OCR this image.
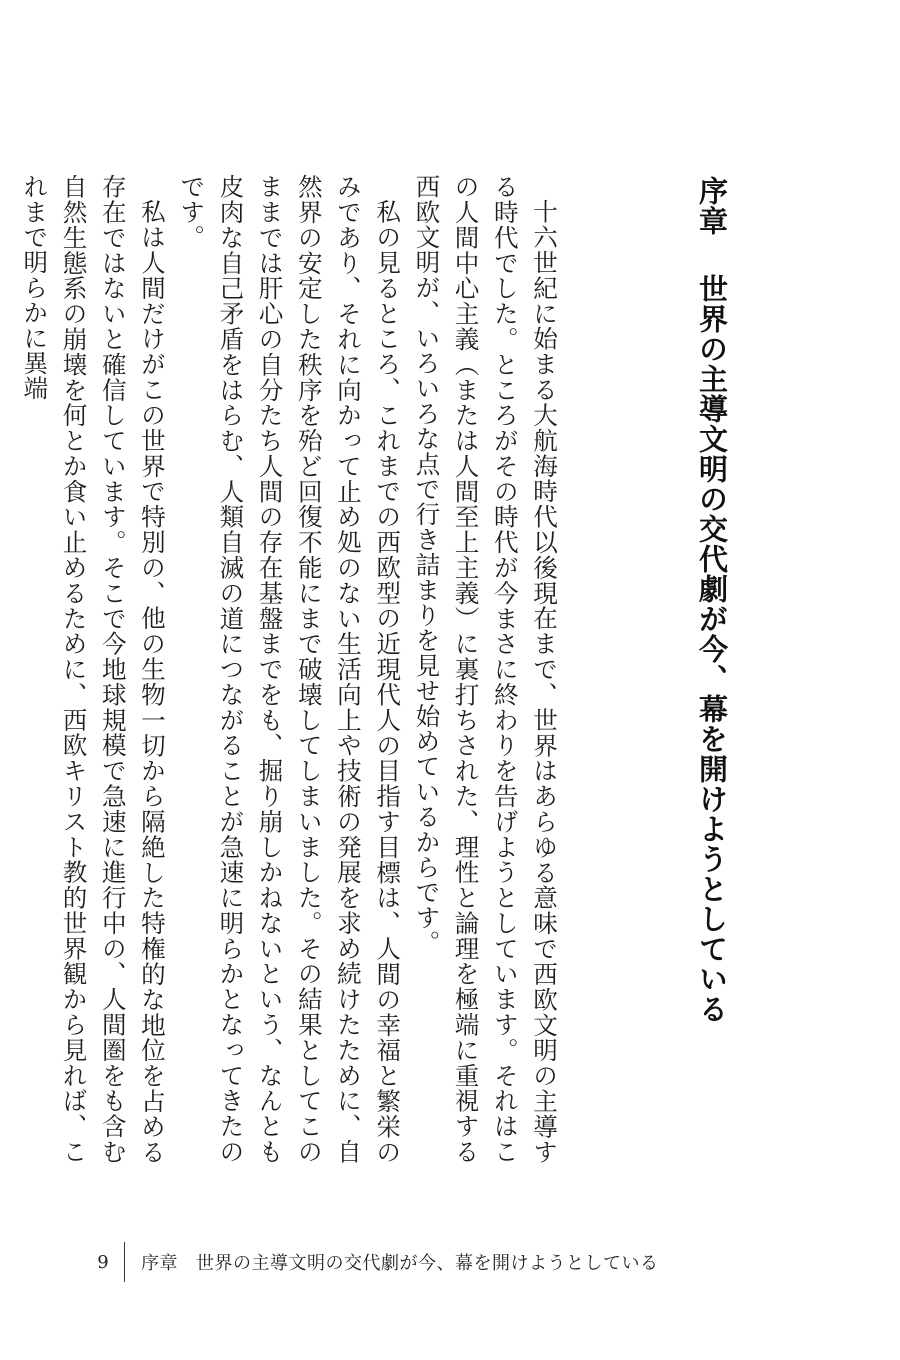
序章世界の主導文明の交代劇が今、幕を開けようとしている

十六世紀に始まる大航海時代以後現在まで、世界はあらゆる意味で西欧文明の主導する時代でした。ところがその時代が今まさに終わりを告げようとしています。それはこの人間中心主義（または人間至上主義）に裏打ちされた、理性と論理を極端に重視する西欧文明が、いろいろな点で行き詰まりを見せ始めているからです。

私の見るところ、これまでの西欧型の近現代人の目指す目標は、人間の幸福と繁栄のみであり、それに向かって止め処のない生活向上や技術の発展を求め続けたために、自然界の安定した秩序を殆ど回復不能にまで破壊してしまいました。その結果としてこのままでは肝心の自分たち人間の存在基盤までをも、掘り崩しかねないという、なんとも皮肉な自己矛盾をはらむ、人類自滅の道につながることが急速に明らかとなってきたのです。

私は人間だけがこの世界で特別の、他の生物一切から隔絶した特権的な地位を占める存在ではないと確信しています。そこで今地球規模で急速に進行中の、人間圏をも含む自然生態系の崩壊を何とか食い止めるために、西欧キリスト教的世界観から見れば、これまで明らかに異端

9 序章 世界の主導文明の交代劇が今、幕を開けようとしている
